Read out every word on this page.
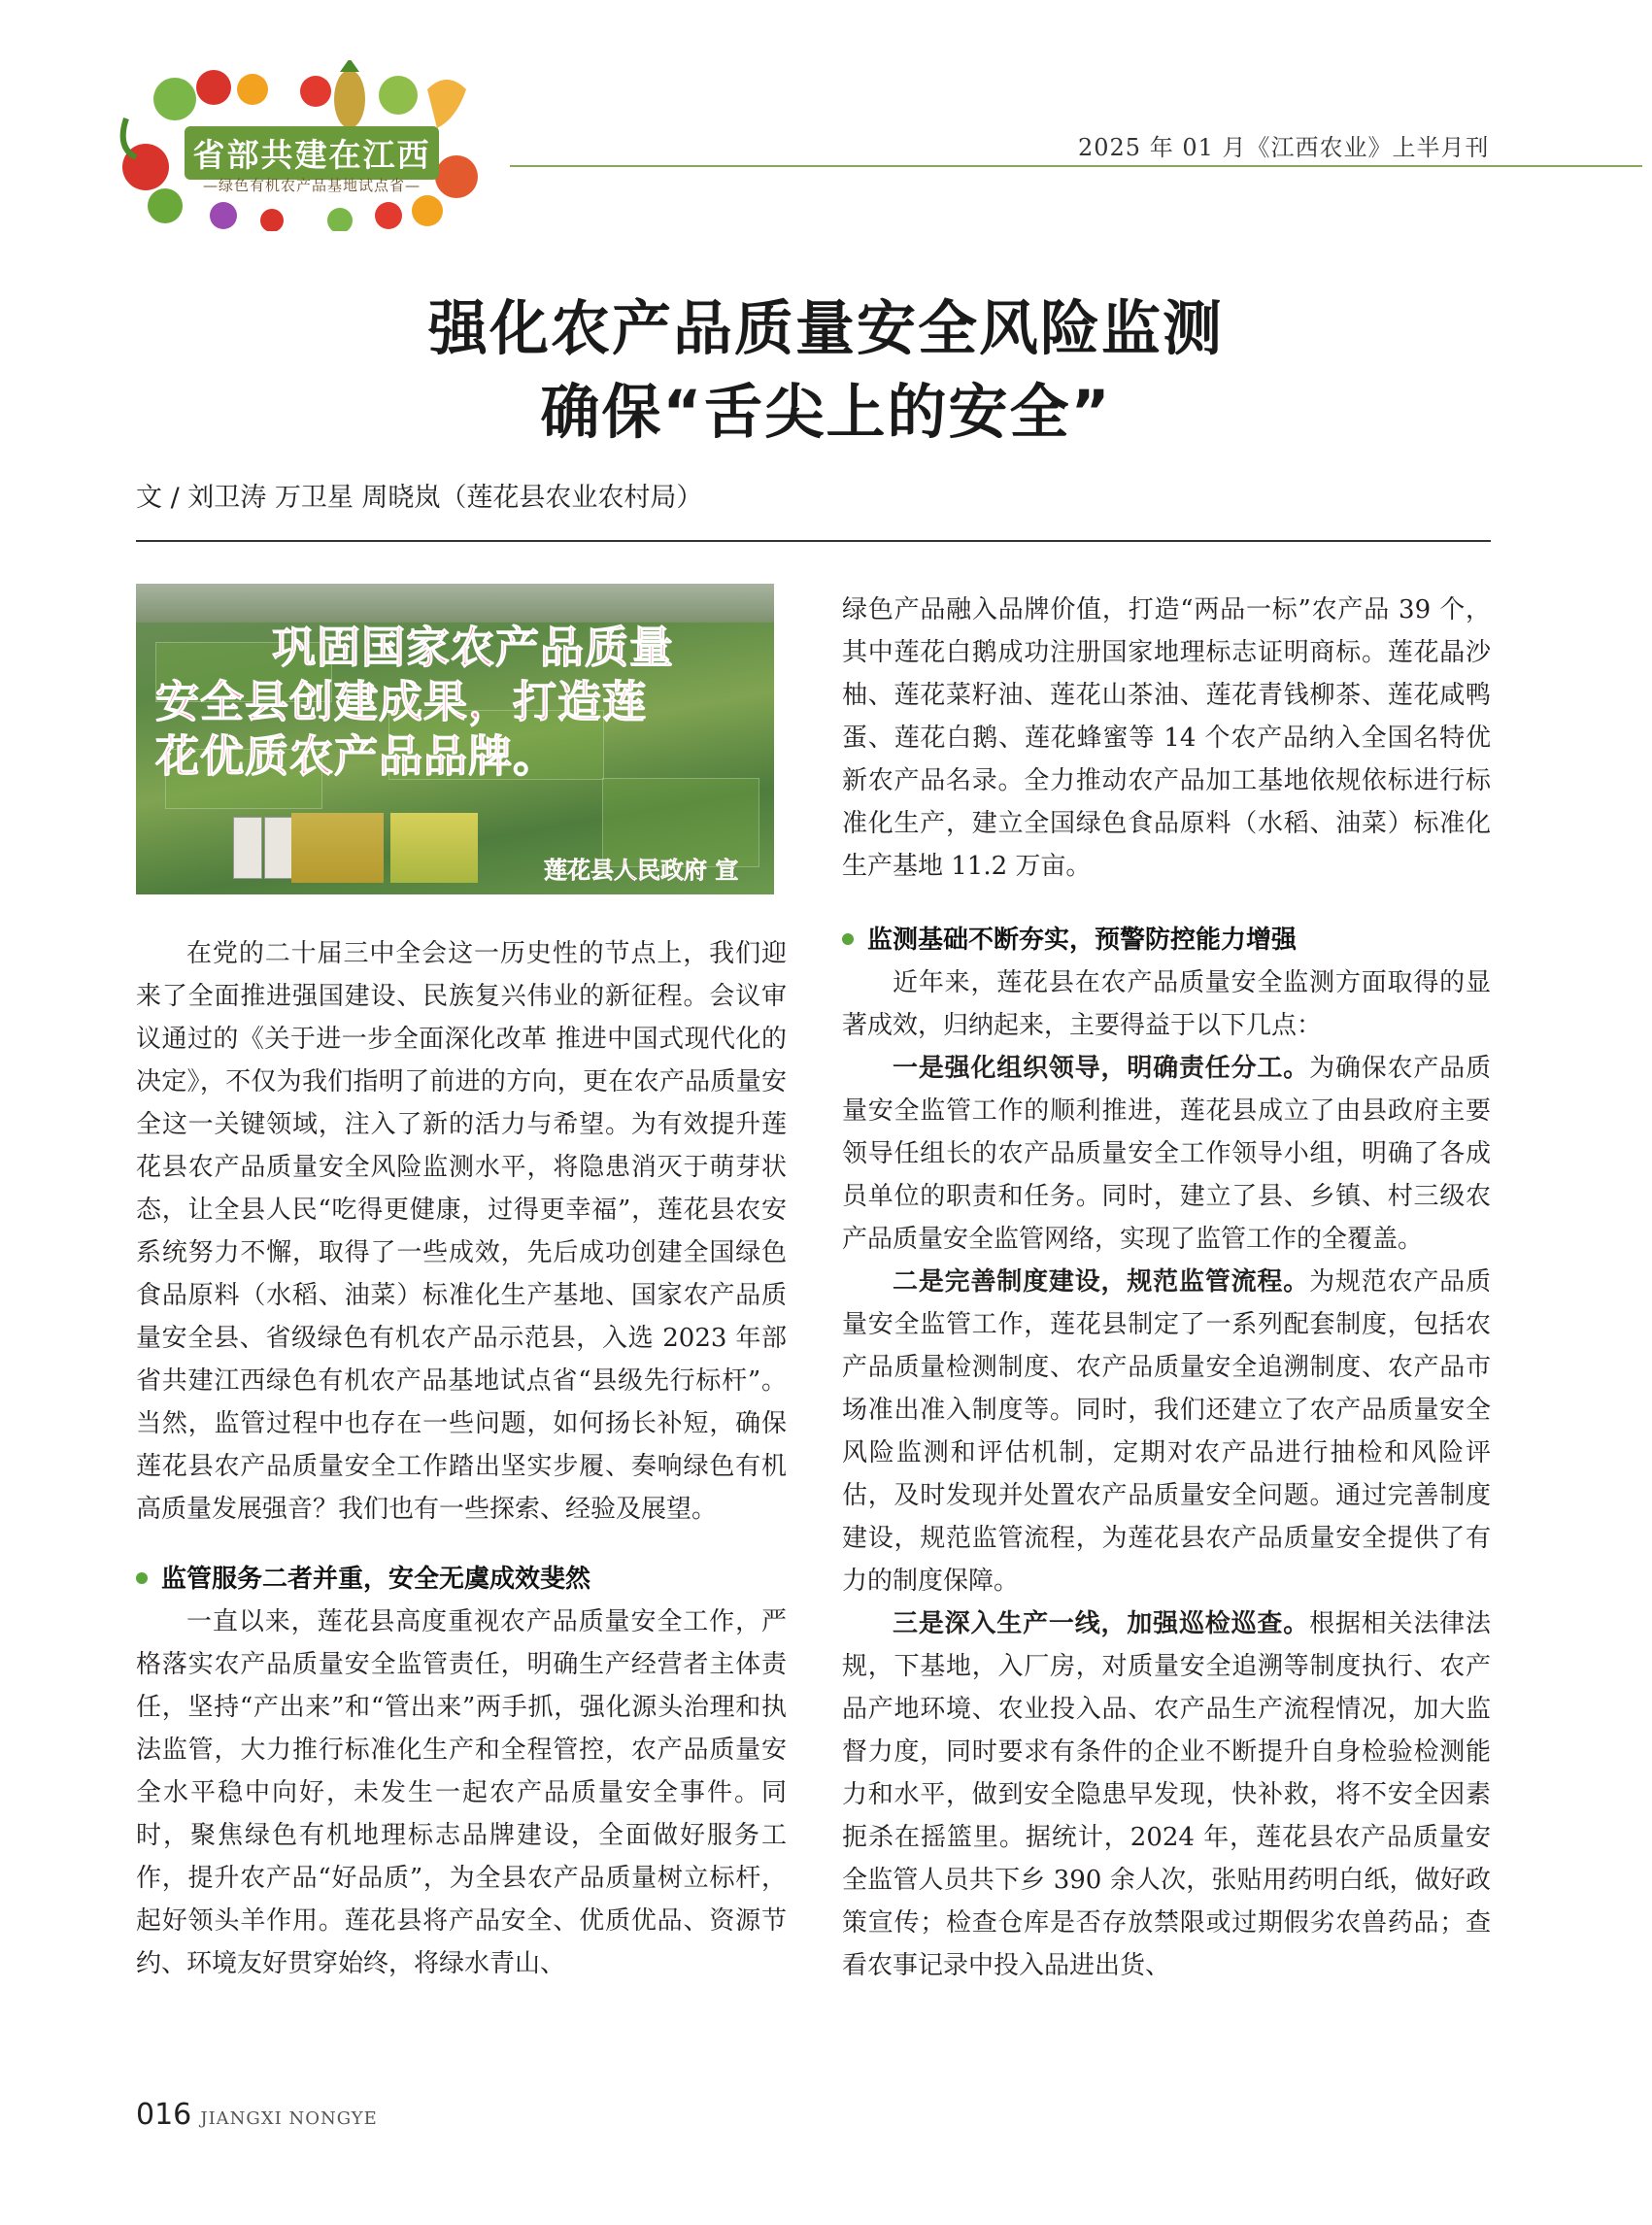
省部共建在江西
—绿色有机农产品基地试点省—
2025 年 01 月《江西农业》上半月刊
强化农产品质量安全风险监测
确保“舌尖上的安全”
文 / 刘卫涛 万卫星 周晓岚（莲花县农业农村局）
巩固国家农产品质量
安全县创建成果，打造莲
花优质农产品品牌。
莲花县人民政府 宣

在党的二十届三中全会这一历史性的节点上，我们迎来了全面推进强国建设、民族复兴伟业的新征程。会议审议通过的《关于进一步全面深化改革 推进中国式现代化的决定》，不仅为我们指明了前进的方向，更在农产品质量安全这一关键领域，注入了新的活力与希望。为有效提升莲花县农产品质量安全风险监测水平，将隐患消灭于萌芽状态，让全县人民“吃得更健康，过得更幸福”，莲花县农安系统努力不懈，取得了一些成效，先后成功创建全国绿色食品原料（水稻、油菜）标准化生产基地、国家农产品质量安全县、省级绿色有机农产品示范县，入选 2023 年部省共建江西绿色有机农产品基地试点省“县级先行标杆”。当然，监管过程中也存在一些问题，如何扬长补短，确保莲花县农产品质量安全工作踏出坚实步履、奏响绿色有机高质量发展强音？我们也有一些探索、经验及展望。

监管服务二者并重，安全无虞成效斐然

一直以来，莲花县高度重视农产品质量安全工作，严格落实农产品质量安全监管责任，明确生产经营者主体责任，坚持“产出来”和“管出来”两手抓，强化源头治理和执法监管，大力推行标准化生产和全程管控，农产品质量安全水平稳中向好，未发生一起农产品质量安全事件。同时，聚焦绿色有机地理标志品牌建设，全面做好服务工作，提升农产品“好品质”，为全县农产品质量树立标杆，起好领头羊作用。莲花县将产品安全、优质优品、资源节约、环境友好贯穿始终，将绿水青山、

绿色产品融入品牌价值，打造“两品一标”农产品 39 个，其中莲花白鹅成功注册国家地理标志证明商标。莲花晶沙柚、莲花菜籽油、莲花山茶油、莲花青钱柳茶、莲花咸鸭蛋、莲花白鹅、莲花蜂蜜等 14 个农产品纳入全国名特优新农产品名录。全力推动农产品加工基地依规依标进行标准化生产，建立全国绿色食品原料（水稻、油菜）标准化生产基地 11.2 万亩。

监测基础不断夯实，预警防控能力增强

近年来，莲花县在农产品质量安全监测方面取得的显著成效，归纳起来，主要得益于以下几点：

一是强化组织领导，明确责任分工。为确保农产品质量安全监管工作的顺利推进，莲花县成立了由县政府主要领导任组长的农产品质量安全工作领导小组，明确了各成员单位的职责和任务。同时，建立了县、乡镇、村三级农产品质量安全监管网络，实现了监管工作的全覆盖。

二是完善制度建设，规范监管流程。为规范农产品质量安全监管工作，莲花县制定了一系列配套制度，包括农产品质量检测制度、农产品质量安全追溯制度、农产品市场准出准入制度等。同时，我们还建立了农产品质量安全风险监测和评估机制，定期对农产品进行抽检和风险评估，及时发现并处置农产品质量安全问题。通过完善制度建设，规范监管流程，为莲花县农产品质量安全提供了有力的制度保障。

三是深入生产一线，加强巡检巡查。根据相关法律法规，下基地，入厂房，对质量安全追溯等制度执行、农产品产地环境、农业投入品、农产品生产流程情况，加大监督力度，同时要求有条件的企业不断提升自身检验检测能力和水平，做到安全隐患早发现，快补救，将不安全因素扼杀在摇篮里。据统计，2024 年，莲花县农产品质量安全监管人员共下乡 390 余人次，张贴用药明白纸，做好政策宣传；检查仓库是否存放禁限或过期假劣农兽药品；查看农事记录中投入品进出货、

016 JIANGXI NONGYE
